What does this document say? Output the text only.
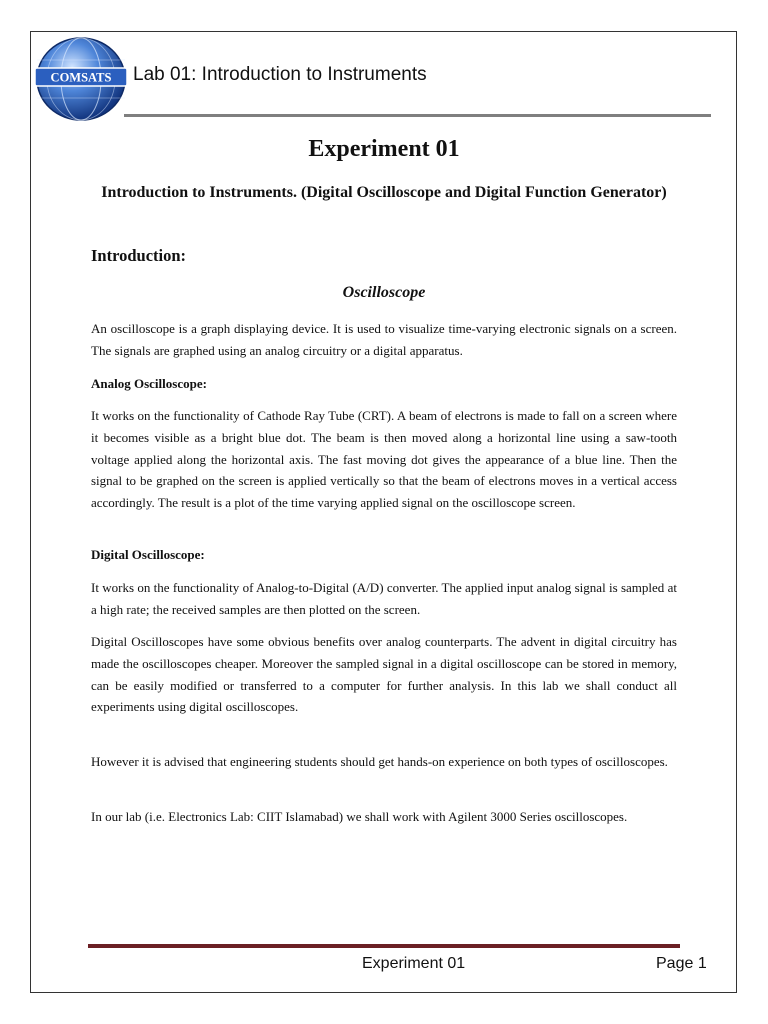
COMSATS Lab 01: Introduction to Instruments
Experiment 01
Introduction to Instruments. (Digital Oscilloscope and Digital Function Generator)
Introduction:
Oscilloscope

An oscilloscope is a graph displaying device. It is used to visualize time-varying electronic signals on a screen. The signals are graphed using an analog circuitry or a digital apparatus.

Analog Oscilloscope:

It works on the functionality of Cathode Ray Tube (CRT). A beam of electrons is made to fall on a screen where it becomes visible as a bright blue dot. The beam is then moved along a horizontal line using a saw-tooth voltage applied along the horizontal axis. The fast moving dot gives the appearance of a blue line. Then the signal to be graphed on the screen is applied vertically so that the beam of electrons moves in a vertical access accordingly. The result is a plot of the time varying applied signal on the oscilloscope screen.

Digital Oscilloscope:

It works on the functionality of Analog-to-Digital (A/D) converter. The applied input analog signal is sampled at a high rate; the received samples are then plotted on the screen.

Digital Oscilloscopes have some obvious benefits over analog counterparts. The advent in digital circuitry has made the oscilloscopes cheaper. Moreover the sampled signal in a digital oscilloscope can be stored in memory, can be easily modified or transferred to a computer for further analysis. In this lab we shall conduct all experiments using digital oscilloscopes.

However it is advised that engineering students should get hands-on experience on both types of oscilloscopes.

In our lab (i.e. Electronics Lab: CIIT Islamabad) we shall work with Agilent 3000 Series oscilloscopes.

Experiment 01	Page 1
